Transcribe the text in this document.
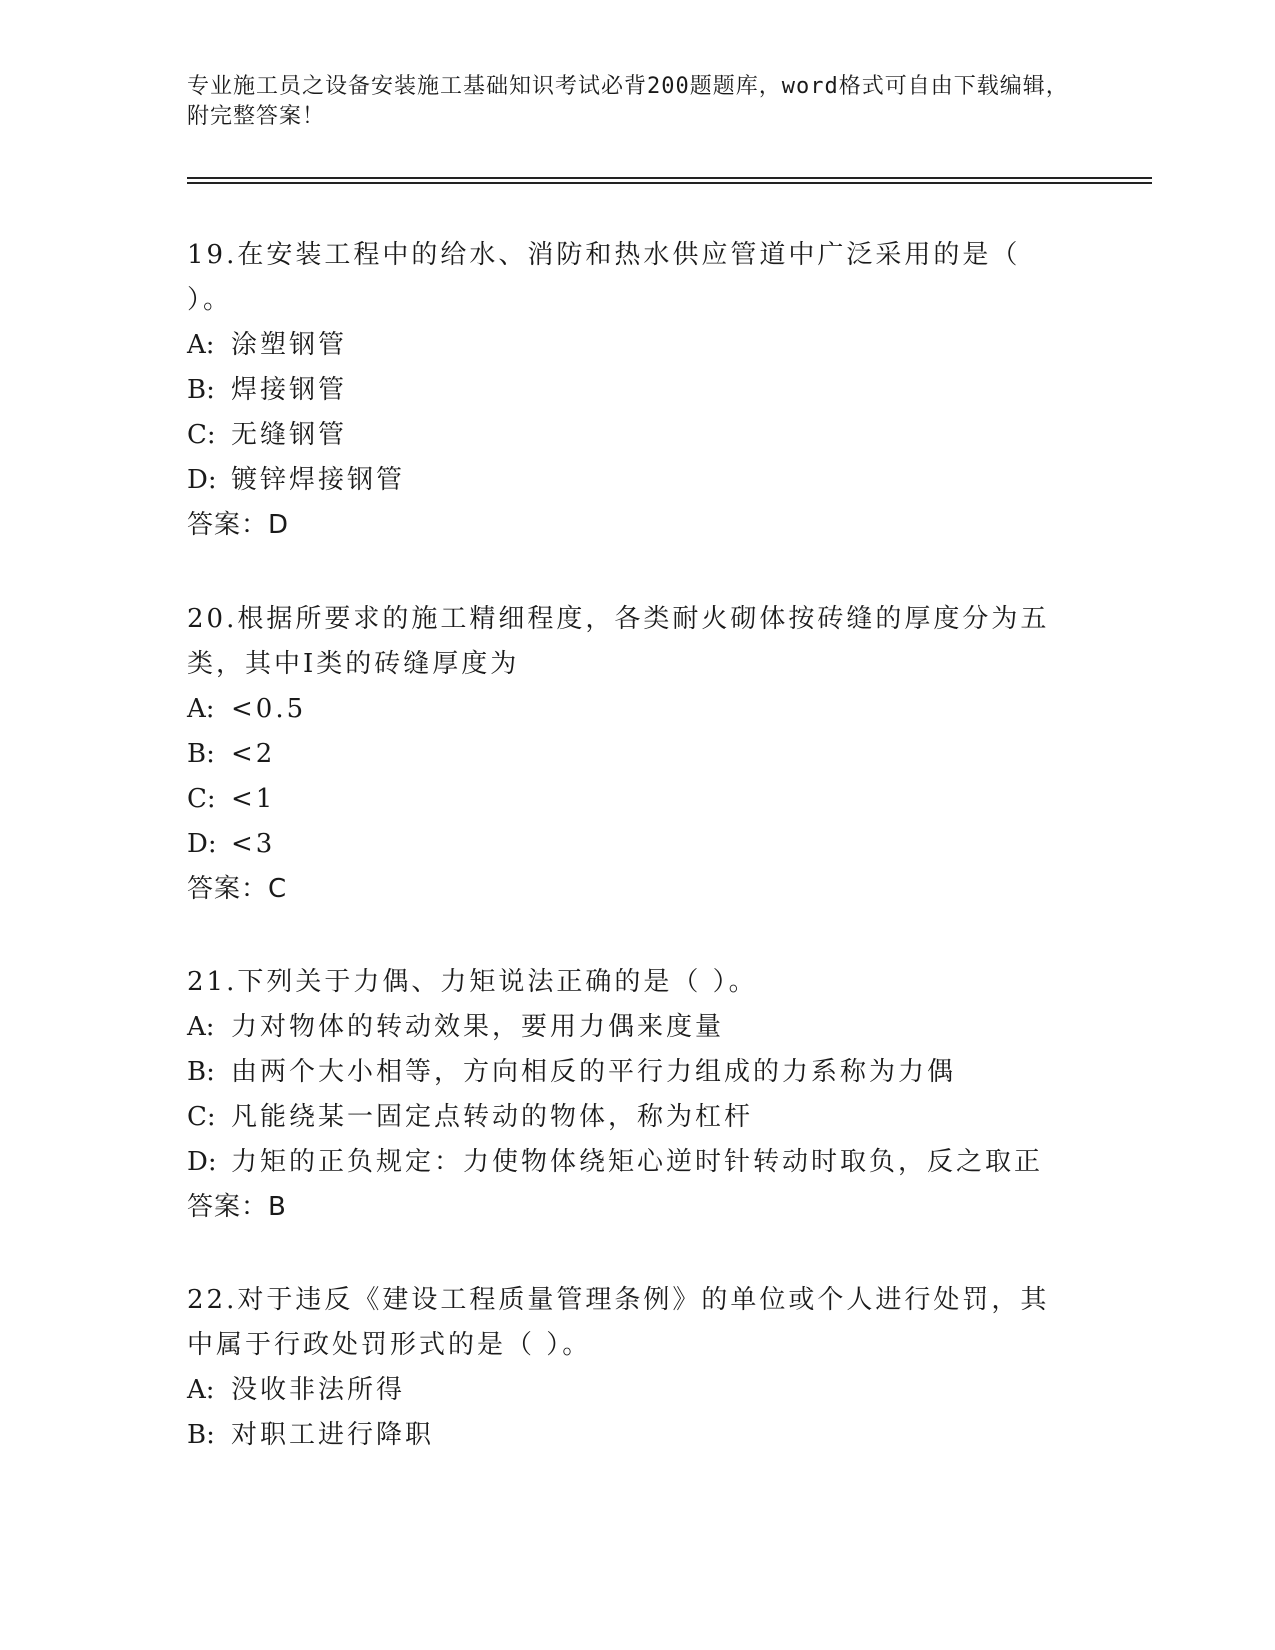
专业施工员之设备安装施工基础知识考试必背200题题库，word格式可自由下载编辑，附完整答案！
19.在安装工程中的给水、消防和热水供应管道中广泛采用的是（ ）。
A: 涂塑钢管
B: 焊接钢管
C: 无缝钢管
D: 镀锌焊接钢管
答案：D
20.根据所要求的施工精细程度，各类耐火砌体按砖缝的厚度分为五类，其中Ⅰ类的砖缝厚度为
A: <0.5
B: <2
C: <1
D: <3
答案：C
21.下列关于力偶、力矩说法正确的是（ ）。
A: 力对物体的转动效果，要用力偶来度量
B: 由两个大小相等，方向相反的平行力组成的力系称为力偶
C: 凡能绕某一固定点转动的物体，称为杠杆
D: 力矩的正负规定：力使物体绕矩心逆时针转动时取负，反之取正
答案：B
22.对于违反《建设工程质量管理条例》的单位或个人进行处罚，其中属于行政处罚形式的是（ ）。
A: 没收非法所得
B: 对职工进行降职
